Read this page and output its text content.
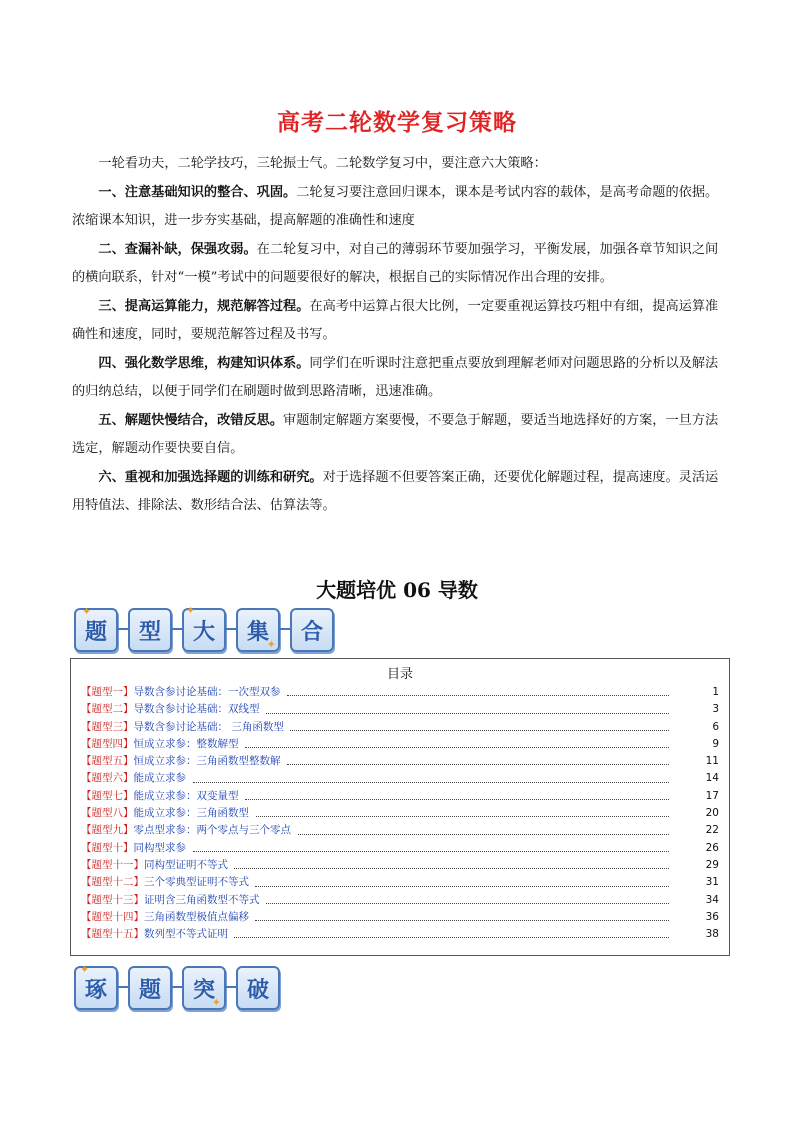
高考二轮数学复习策略

一轮看功夫，二轮学技巧，三轮振士气。二轮数学复习中，要注意六大策略：

一、注意基础知识的整合、巩固。二轮复习要注意回归课本，课本是考试内容的载体，是高考命题的依据。浓缩课本知识，进一步夯实基础，提高解题的准确性和速度

二、查漏补缺，保强攻弱。在二轮复习中，对自己的薄弱环节要加强学习，平衡发展，加强各章节知识之间的横向联系，针对“一模”考试中的问题要很好的解决，根据自己的实际情况作出合理的安排。

三、提高运算能力，规范解答过程。在高考中运算占很大比例，一定要重视运算技巧粗中有细，提高运算准确性和速度，同时，要规范解答过程及书写。

四、强化数学思维，构建知识体系。同学们在听课时注意把重点要放到理解老师对问题思路的分析以及解法的归纳总结，以便于同学们在刷题时做到思路清晰，迅速准确。

五、解题快慢结合，改错反思。审题制定解题方案要慢，不要急于解题，要适当地选择好的方案，一旦方法选定，解题动作要快要自信。

六、重视和加强选择题的训练和研究。对于选择题不但要答案正确，还要优化解题过程，提高速度。灵活运用特值法、排除法、数形结合法、估算法等。

大题培优 06 导数
题
✦
型 大
✦
集
✦ 合
目录
【题型一】导数含参讨论基础：一次型双参	1
【题型二】导数含参讨论基础：双线型	3
【题型三】导数含参讨论基础： 三角函数型	6
【题型四】恒成立求参：整数解型	9
【题型五】恒成立求参：三角函数型整数解	11
【题型六】能成立求参	14
【题型七】能成立求参：双变量型	17
【题型八】能成立求参：三角函数型	20
【题型九】零点型求参：两个零点与三个零点	22
【题型十】同构型求参	26
【题型十一】同构型证明不等式	29
【题型十二】三个零典型证明不等式	31
【题型十三】证明含三角函数型不等式	34
【题型十四】三角函数型极值点偏移	36
【题型十五】数列型不等式证明	38
琢
✦
题 突
✦ 破
